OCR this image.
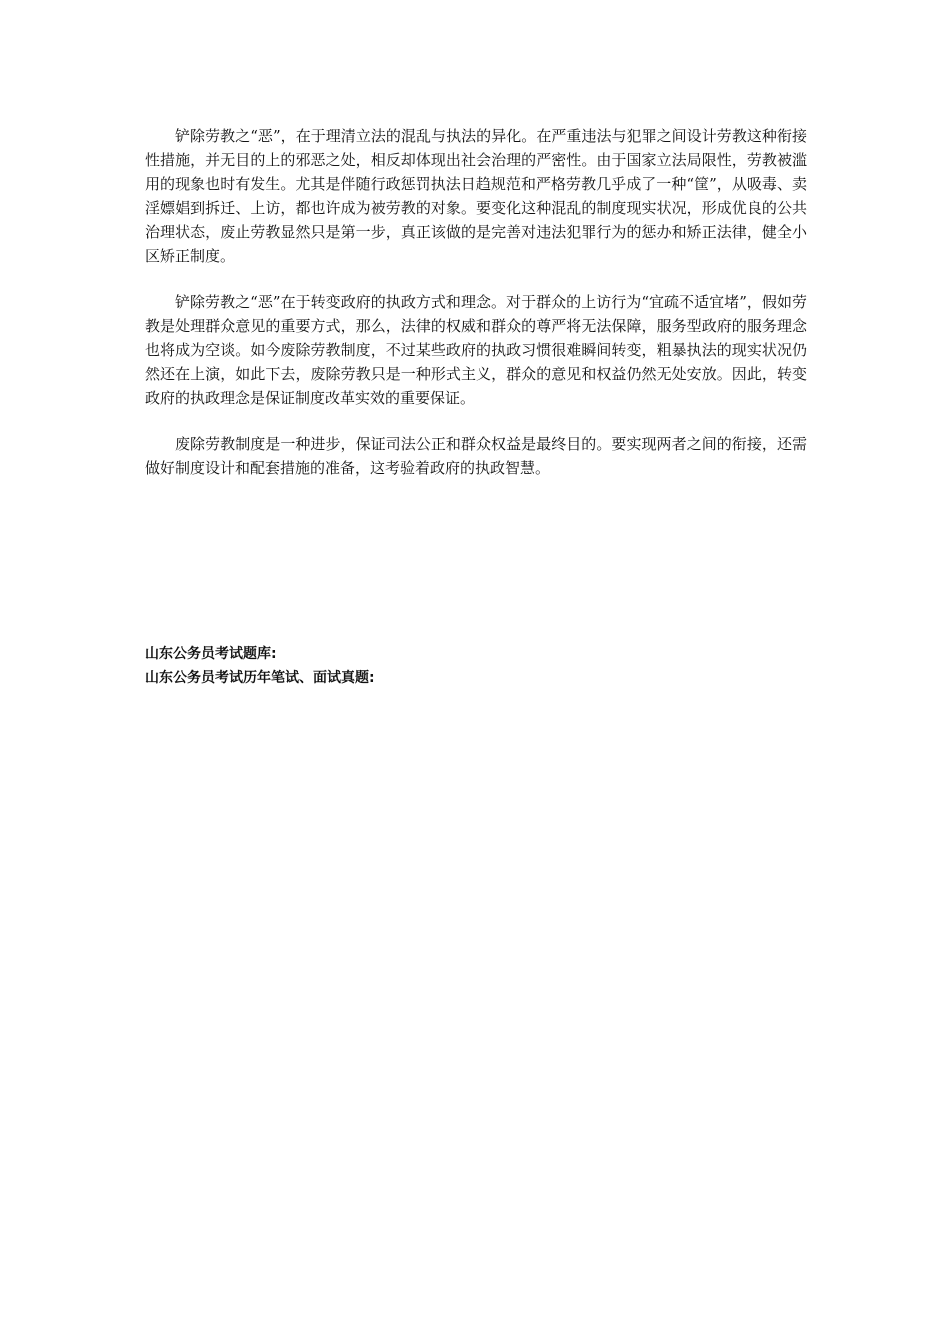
铲除劳教之“恶”，在于理清立法的混乱与执法的异化。在严重违法与犯罪之间设计劳教这种衔接性措施，并无目的上的邪恶之处，相反却体现出社会治理的严密性。由于国家立法局限性，劳教被滥用的现象也时有发生。尤其是伴随行政惩罚执法日趋规范和严格劳教几乎成了一种“筐”，从吸毒、卖淫嫖娼到拆迁、上访，都也许成为被劳教的对象。要变化这种混乱的制度现实状况，形成优良的公共治理状态，废止劳教显然只是第一步，真正该做的是完善对违法犯罪行为的惩办和矫正法律，健全小区矫正制度。

铲除劳教之“恶”在于转变政府的执政方式和理念。对于群众的上访行为“宜疏不适宜堵”，假如劳教是处理群众意见的重要方式，那么，法律的权威和群众的尊严将无法保障，服务型政府的服务理念也将成为空谈。如今废除劳教制度，不过某些政府的执政习惯很难瞬间转变，粗暴执法的现实状况仍然还在上演，如此下去，废除劳教只是一种形式主义，群众的意见和权益仍然无处安放。因此，转变政府的执政理念是保证制度改革实效的重要保证。

废除劳教制度是一种进步，保证司法公正和群众权益是最终目的。要实现两者之间的衔接，还需做好制度设计和配套措施的准备，这考验着政府的执政智慧。

山东公务员考试题库:

山东公务员考试历年笔试、面试真题:
